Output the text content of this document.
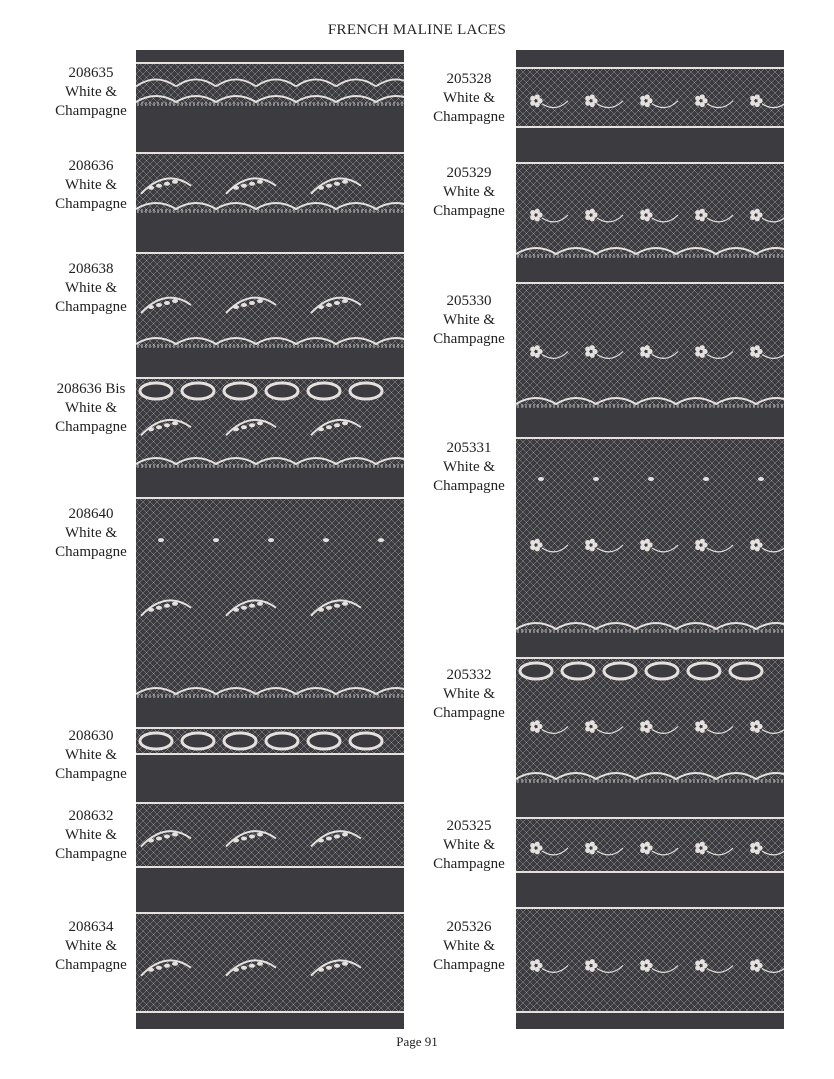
FRENCH MALINE LACES
208635
White &
Champagne
208636
White &
Champagne
208638
White &
Champagne
208636 Bis
White &
Champagne
208640
White &
Champagne
208630
White &
Champagne
208632
White &
Champagne
208634
White &
Champagne
205328
White &
Champagne
205329
White &
Champagne
205330
White &
Champagne
205331
White &
Champagne
205332
White &
Champagne
205325
White &
Champagne
205326
White &
Champagne
Page 91
